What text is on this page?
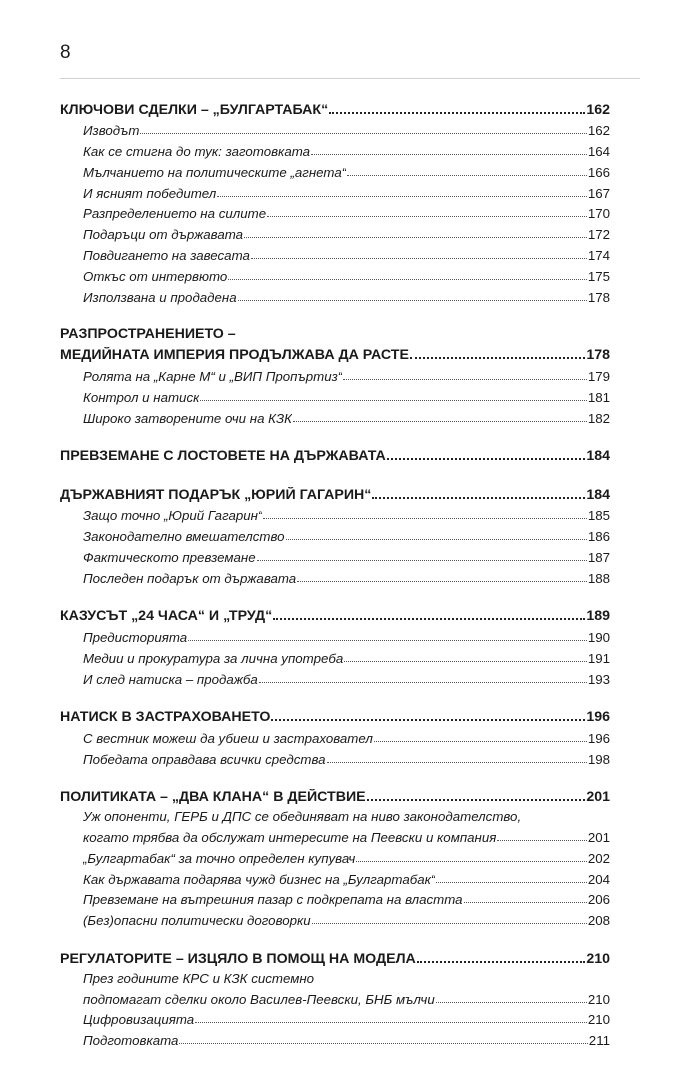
8
КЛЮЧОВИ СДЕЛКИ – „БУЛГАРТАБАК“	162
Изводът	162
Как се стигна до тук: заготовката	164
Мълчанието на политическите „агнета“	166
И ясният победител	167
Разпределението на силите	170
Подаръци от държавата	172
Повдигането на завесата	174
Откъс от интервюто	175
Използвана и продадена	178
РАЗПРОСТРАНЕНИЕТО –
МЕДИЙНАТА ИМПЕРИЯ ПРОДЪЛЖАВА ДА РАСТЕ	178
Ролята на „Карне М“ и „ВИП Пропъртиз“	179
Контрол и натиск	181
Широко затворените очи на КЗК	182
ПРЕВЗЕМАНЕ С ЛОСТОВЕТЕ НА ДЪРЖАВАТА	184
ДЪРЖАВНИЯТ ПОДАРЪК „ЮРИЙ ГАГАРИН“	184
Защо точно „Юрий Гагарин“	185
Законодателно вмешателство	186
Фактическото превземане	187
Последен подарък от държавата	188
КАЗУСЪТ „24 ЧАСА“ И „ТРУД“	189
Предисторията	190
Медии и прокуратура за лична употреба	191
И след натиска – продажба	193
НАТИСК В ЗАСТРАХОВАНЕТО	196
С вестник можеш да убиеш и застраховател	196
Победата оправдава всички средства	198
ПОЛИТИКАТА – „ДВА КЛАНА“ В ДЕЙСТВИЕ	201
Уж опоненти, ГЕРБ и ДПС се обединяват на ниво законодателство,
когато трябва да обслужат интересите на Пеевски и компания	201
„Булгартабак“ за точно определен купувач	202
Как държавата подарява чужд бизнес на „Булгартабак“	204
Превземане на вътрешния пазар с подкрепата на властта	206
(Без)опасни политически договорки	208
РЕГУЛАТОРИТЕ – ИЗЦЯЛО В ПОМОЩ НА МОДЕЛА	210
През годините КРС и КЗК системно
подпомагат сделки около Василев-Пеевски, БНБ мълчи	210
Цифровизацията	210
Подготовката	211
